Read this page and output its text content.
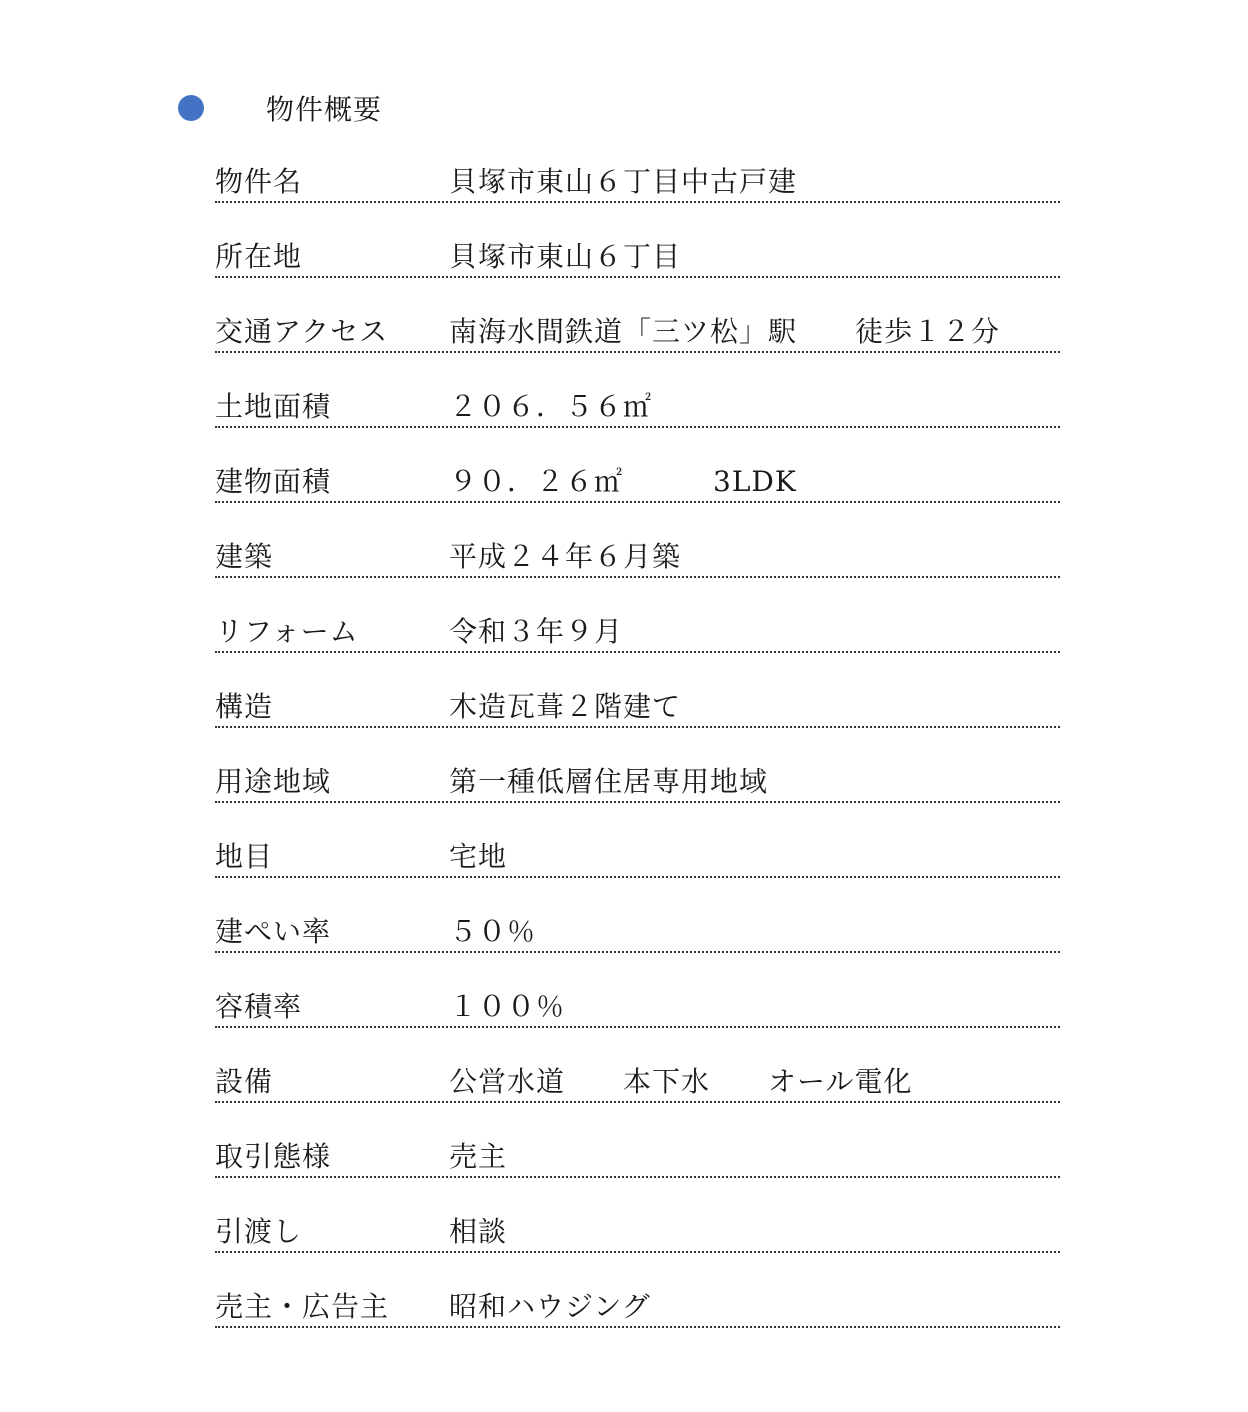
物件概要
物件名	貝塚市東山６丁目中古戸建
所在地	貝塚市東山６丁目
交通アクセス 南海水間鉄道「三ツ松」駅 徒歩１２分
土地面積	２０６．５６㎡
建物面積	９０．２６㎡	3LDK
建築	平成２４年６月築
リフォーム	令和３年９月
構造	木造瓦葺２階建て
用途地域	第一種低層住居専用地域
地目	宅地
建ぺい率	５０％
容積率	１００％
設備	公営水道 本下水 オール電化
取引態様	売主
引渡し	相談
売主・広告主 昭和ハウジング
